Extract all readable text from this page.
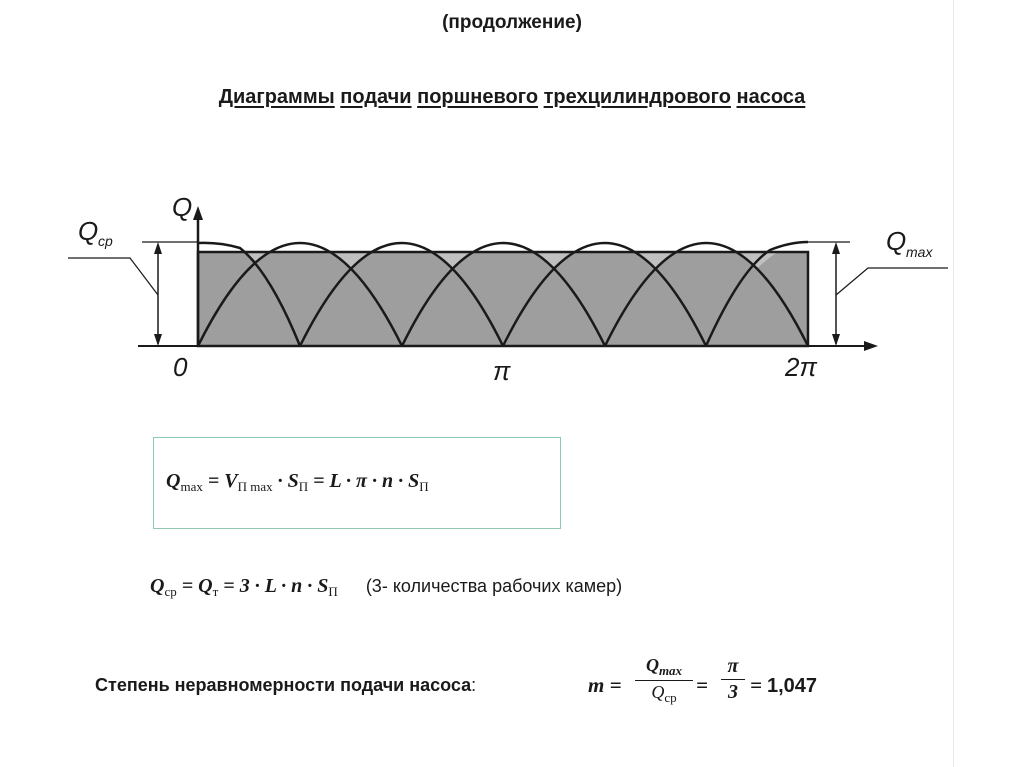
(продолжение)
Диаграммы подачи поршневого трехцилиндрового насоса
Q
Q ср	Q max
0	π	2π
$Q_{max} = V_{П max} \cdot S_П = L \cdot \pi \cdot n \cdot S_П$
$Q_{ср} = Q_т = 3 \cdot L \cdot n \cdot S_П$ (3- количества рабочих камер)
Степень неравномерности подачи насоса:	m =
$Q_{max}$
$Q_{ср}$
= $\frac{\pi}{3} = 1,047$
